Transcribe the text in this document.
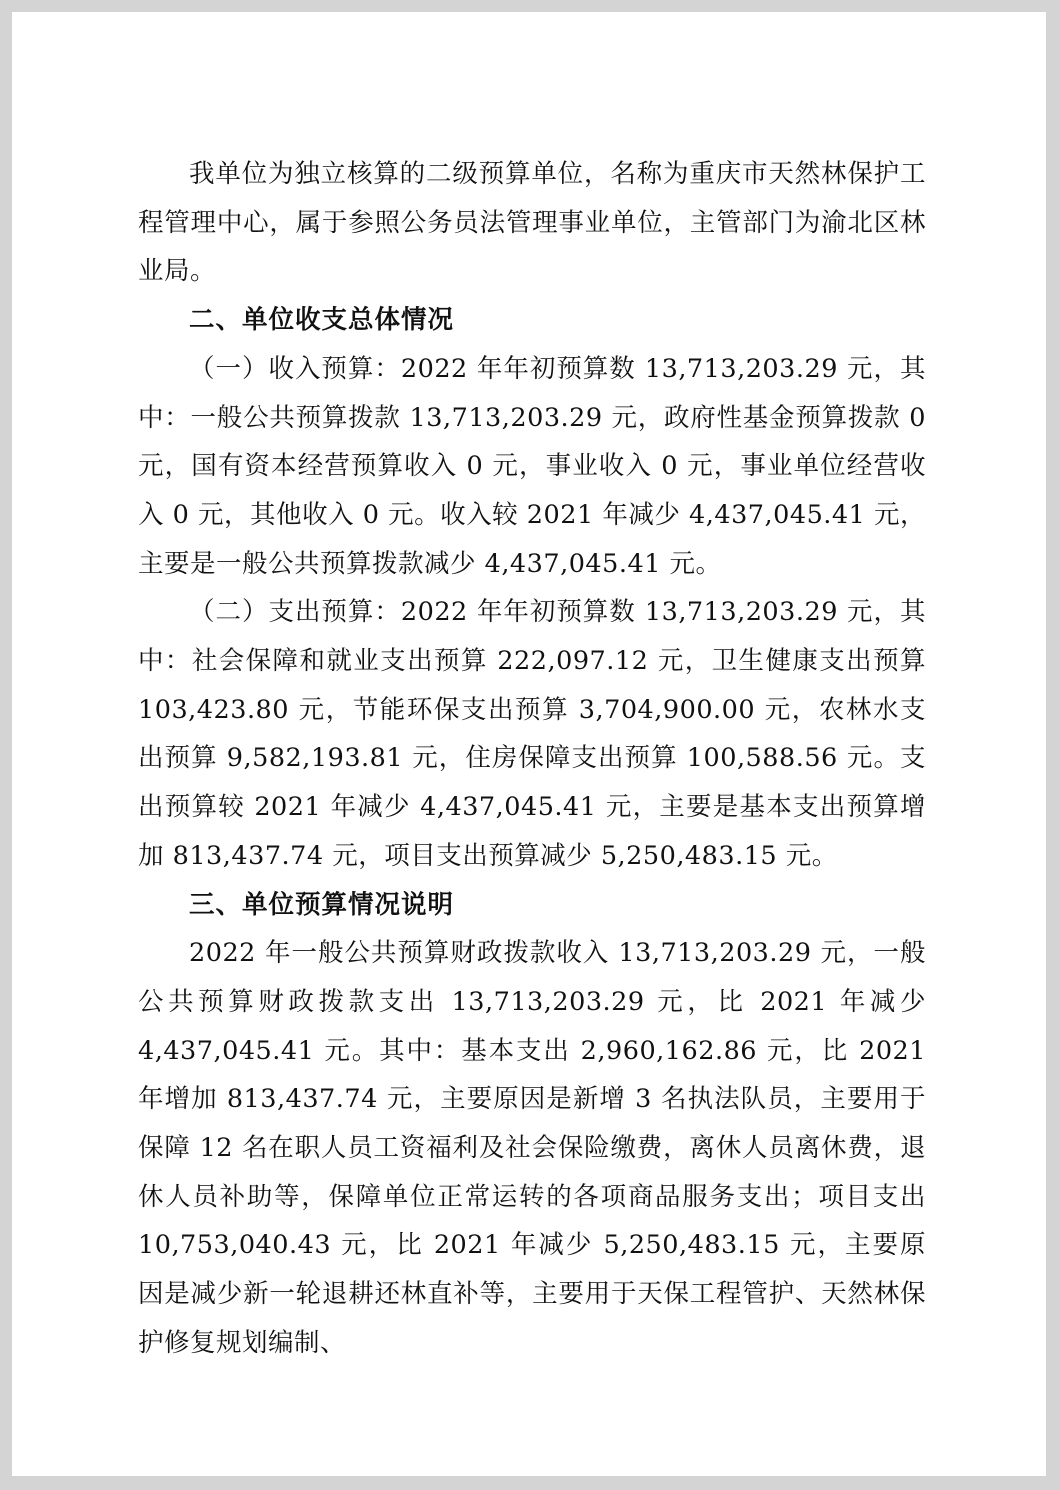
我单位为独立核算的二级预算单位，名称为重庆市天然林保护工程管理中心，属于参照公务员法管理事业单位，主管部门为渝北区林业局。

二、单位收支总体情况

（一）收入预算：2022 年年初预算数 13,713,203.29 元，其中：一般公共预算拨款 13,713,203.29 元，政府性基金预算拨款 0 元，国有资本经营预算收入 0 元，事业收入 0 元，事业单位经营收入 0 元，其他收入 0 元。收入较 2021 年减少 4,437,045.41 元，主要是一般公共预算拨款减少 4,437,045.41 元。

（二）支出预算：2022 年年初预算数 13,713,203.29 元，其中：社会保障和就业支出预算 222,097.12 元，卫生健康支出预算 103,423.80 元，节能环保支出预算 3,704,900.00 元，农林水支出预算 9,582,193.81 元，住房保障支出预算 100,588.56 元。支出预算较 2021 年减少 4,437,045.41 元，主要是基本支出预算增加 813,437.74 元，项目支出预算减少 5,250,483.15 元。

三、单位预算情况说明

2022 年一般公共预算财政拨款收入 13,713,203.29 元，一般公共预算财政拨款支出 13,713,203.29 元，比 2021 年减少 4,437,045.41 元。其中：基本支出 2,960,162.86 元，比 2021 年增加 813,437.74 元，主要原因是新增 3 名执法队员，主要用于保障 12 名在职人员工资福利及社会保险缴费，离休人员离休费，退休人员补助等，保障单位正常运转的各项商品服务支出；项目支出 10,753,040.43 元，比 2021 年减少 5,250,483.15 元，主要原因是减少新一轮退耕还林直补等，主要用于天保工程管护、天然林保护修复规划编制、
